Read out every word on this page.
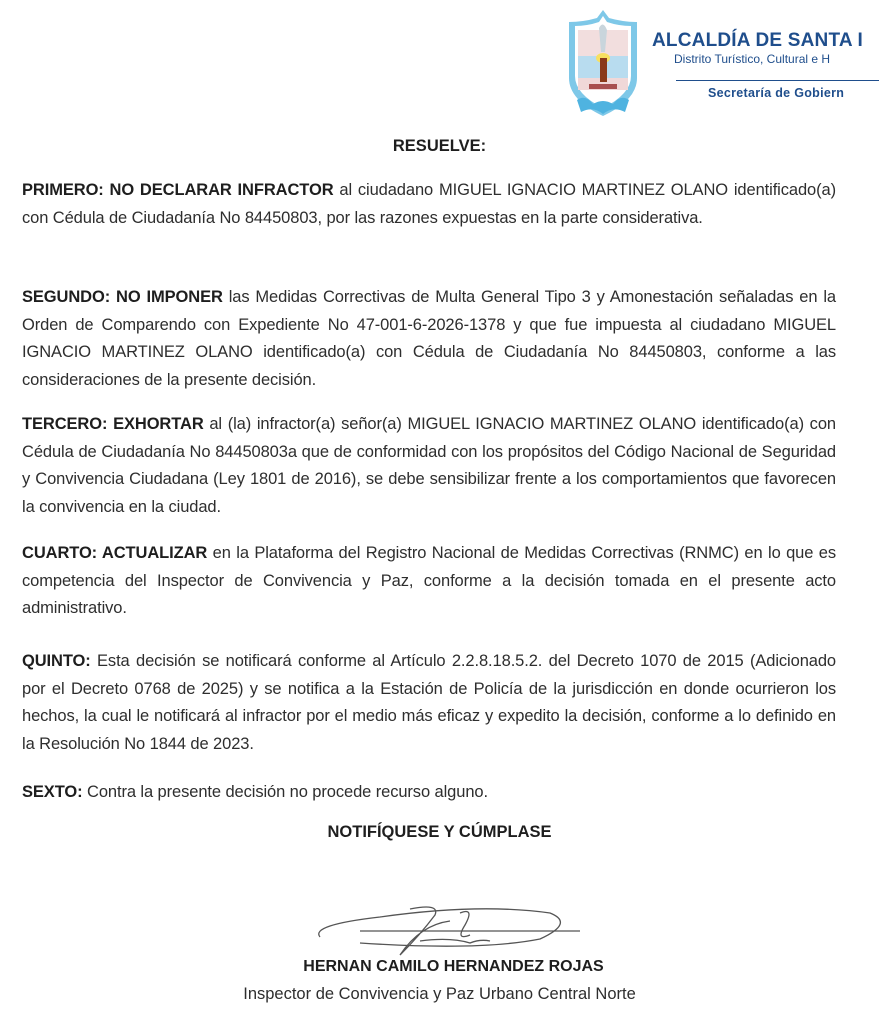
ALCALDÍA DE SANTA I
Distrito Turístico, Cultural e H
Secretaría de Gobiern
RESUELVE:
PRIMERO: NO DECLARAR INFRACTOR al ciudadano MIGUEL IGNACIO MARTINEZ OLANO identificado(a) con Cédula de Ciudadanía No 84450803, por las razones expuestas en la parte considerativa.
SEGUNDO: NO IMPONER las Medidas Correctivas de Multa General Tipo 3 y Amonestación señaladas en la Orden de Comparendo con Expediente No 47-001-6-2026-1378 y que fue impuesta al ciudadano MIGUEL IGNACIO MARTINEZ OLANO identificado(a) con Cédula de Ciudadanía No 84450803, conforme a las consideraciones de la presente decisión.
TERCERO: EXHORTAR al (la) infractor(a) señor(a) MIGUEL IGNACIO MARTINEZ OLANO identificado(a) con Cédula de Ciudadanía No 84450803a que de conformidad con los propósitos del Código Nacional de Seguridad y Convivencia Ciudadana (Ley 1801 de 2016), se debe sensibilizar frente a los comportamientos que favorecen la convivencia en la ciudad.
CUARTO: ACTUALIZAR en la Plataforma del Registro Nacional de Medidas Correctivas (RNMC) en lo que es competencia del Inspector de Convivencia y Paz, conforme a la decisión tomada en el presente acto administrativo.
QUINTO: Esta decisión se notificará conforme al Artículo 2.2.8.18.5.2. del Decreto 1070 de 2015 (Adicionado por el Decreto 0768 de 2025) y se notifica a la Estación de Policía de la jurisdicción en donde ocurrieron los hechos, la cual le notificará al infractor por el medio más eficaz y expedito la decisión, conforme a lo definido en la Resolución No 1844 de 2023.
SEXTO: Contra la presente decisión no procede recurso alguno.
NOTIFÍQUESE Y CÚMPLASE
HERNAN CAMILO HERNANDEZ ROJAS
Inspector de Convivencia y Paz Urbano Central Norte
